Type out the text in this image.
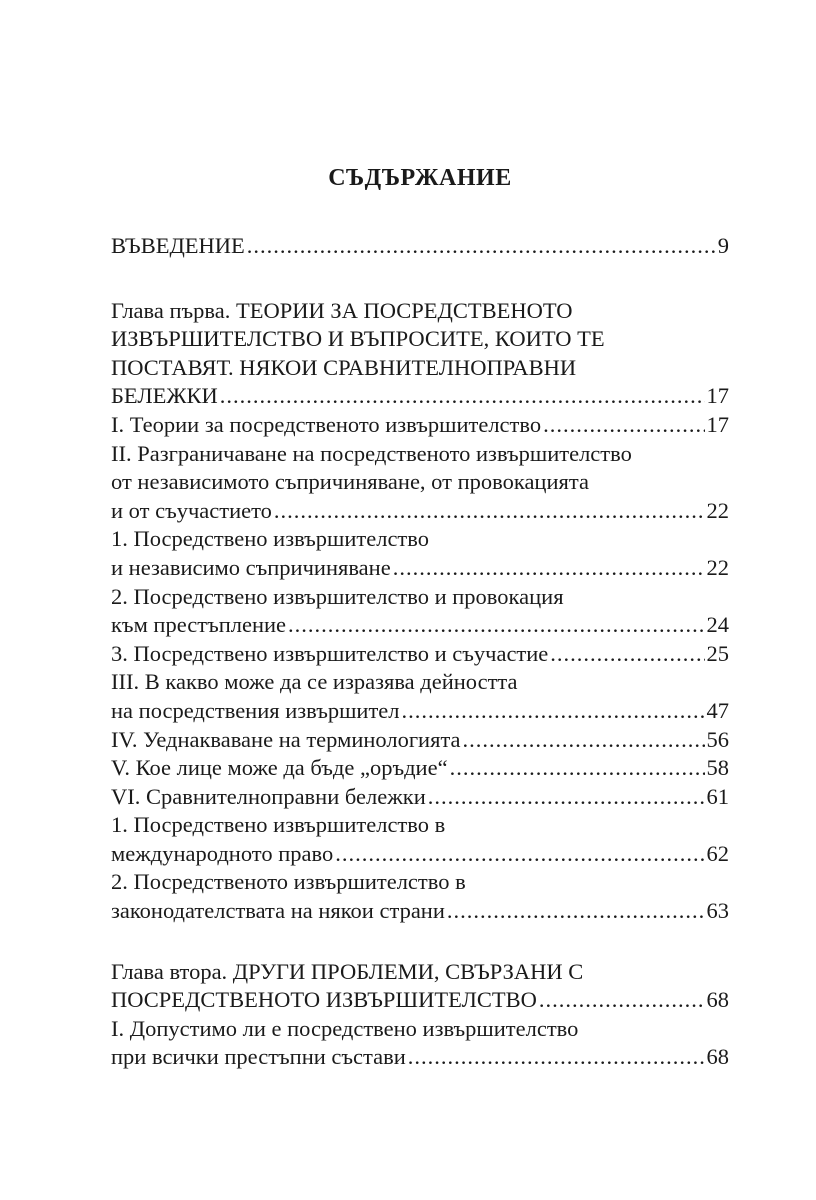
СЪДЪРЖАНИЕ
ВЪВЕДЕНИЕ .....	9
Глава първа. ТЕОРИИ ЗА ПОСРЕДСТВЕНОТО
ИЗВЪРШИТЕЛСТВО И ВЪПРОСИТЕ, КОИТО ТЕ
ПОСТАВЯТ. НЯКОИ СРАВНИТЕЛНОПРАВНИ
БЕЛЕЖКИ .....	17
I. Теории за посредственото извършителство .....	17
II. Разграничаване на посредственото извършителство
от независимото съпричиняване, от провокацията
и от съучастието .....	22
1. Посредствено извършителство
и независимо съпричиняване .....	22
2. Посредствено извършителство и провокация
към престъпление .....	24
3. Посредствено извършителство и съучастие .....	25
III. В какво може да се изразява дейността
на посредствения извършител .....	47
IV. Уеднакваване на терминологията .....	56
V. Кое лице може да бъде „оръдие“ .....	58
VI. Сравнителноправни бележки .....	61
1. Посредствено извършителство в
международното право .....	62
2. Посредственото извършителство в
законодателствата на някои страни .....	63
Глава втора. ДРУГИ ПРОБЛЕМИ, СВЪРЗАНИ С
ПОСРЕДСТВЕНОТО ИЗВЪРШИТЕЛСТВО .....	68
I. Допустимо ли е посредствено извършителство
при всички престъпни състави .....	68
